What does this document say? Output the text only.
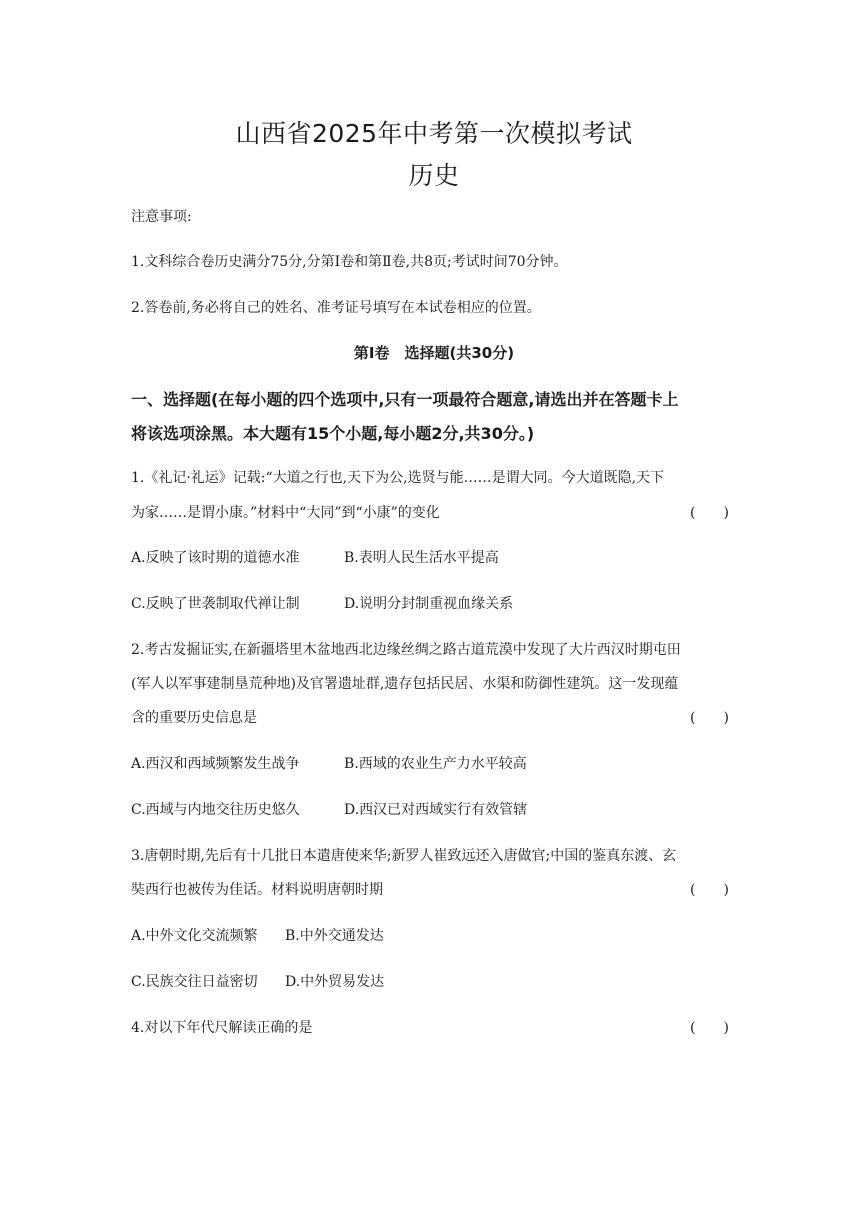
山西省2025年中考第一次模拟考试
历史
注意事项:
1.文科综合卷历史满分75分,分第Ⅰ卷和第Ⅱ卷,共8页;考试时间70分钟。
2.答卷前,务必将自己的姓名、准考证号填写在本试卷相应的位置。
第Ⅰ卷　选择题(共30分)
一、选择题(在每小题的四个选项中,只有一项最符合题意,请选出并在答题卡上
将该选项涂黑。本大题有15个小题,每小题2分,共30分。)
1.《礼记·礼运》记载:“大道之行也,天下为公,选贤与能……是谓大同。今大道既隐,天下
为家……是谓小康。”材料中“大同”到“小康”的变化	(　　)
A.反映了该时期的道德水准	B.表明人民生活水平提高
C.反映了世袭制取代禅让制	D.说明分封制重视血缘关系
2.考古发掘证实,在新疆塔里木盆地西北边缘丝绸之路古道荒漠中发现了大片西汉时期屯田
(军人以军事建制垦荒种地)及官署遗址群,遗存包括民居、水渠和防御性建筑。这一发现蕴
含的重要历史信息是	(　　)
A.西汉和西域频繁发生战争	B.西域的农业生产力水平较高
C.西域与内地交往历史悠久	D.西汉已对西域实行有效管辖
3.唐朝时期,先后有十几批日本遣唐使来华;新罗人崔致远还入唐做官;中国的鉴真东渡、玄
奘西行也被传为佳话。材料说明唐朝时期	(　　)
A.中外文化交流频繁 B.中外交通发达
C.民族交往日益密切 D.中外贸易发达
4.对以下年代尺解读正确的是	(　　)
